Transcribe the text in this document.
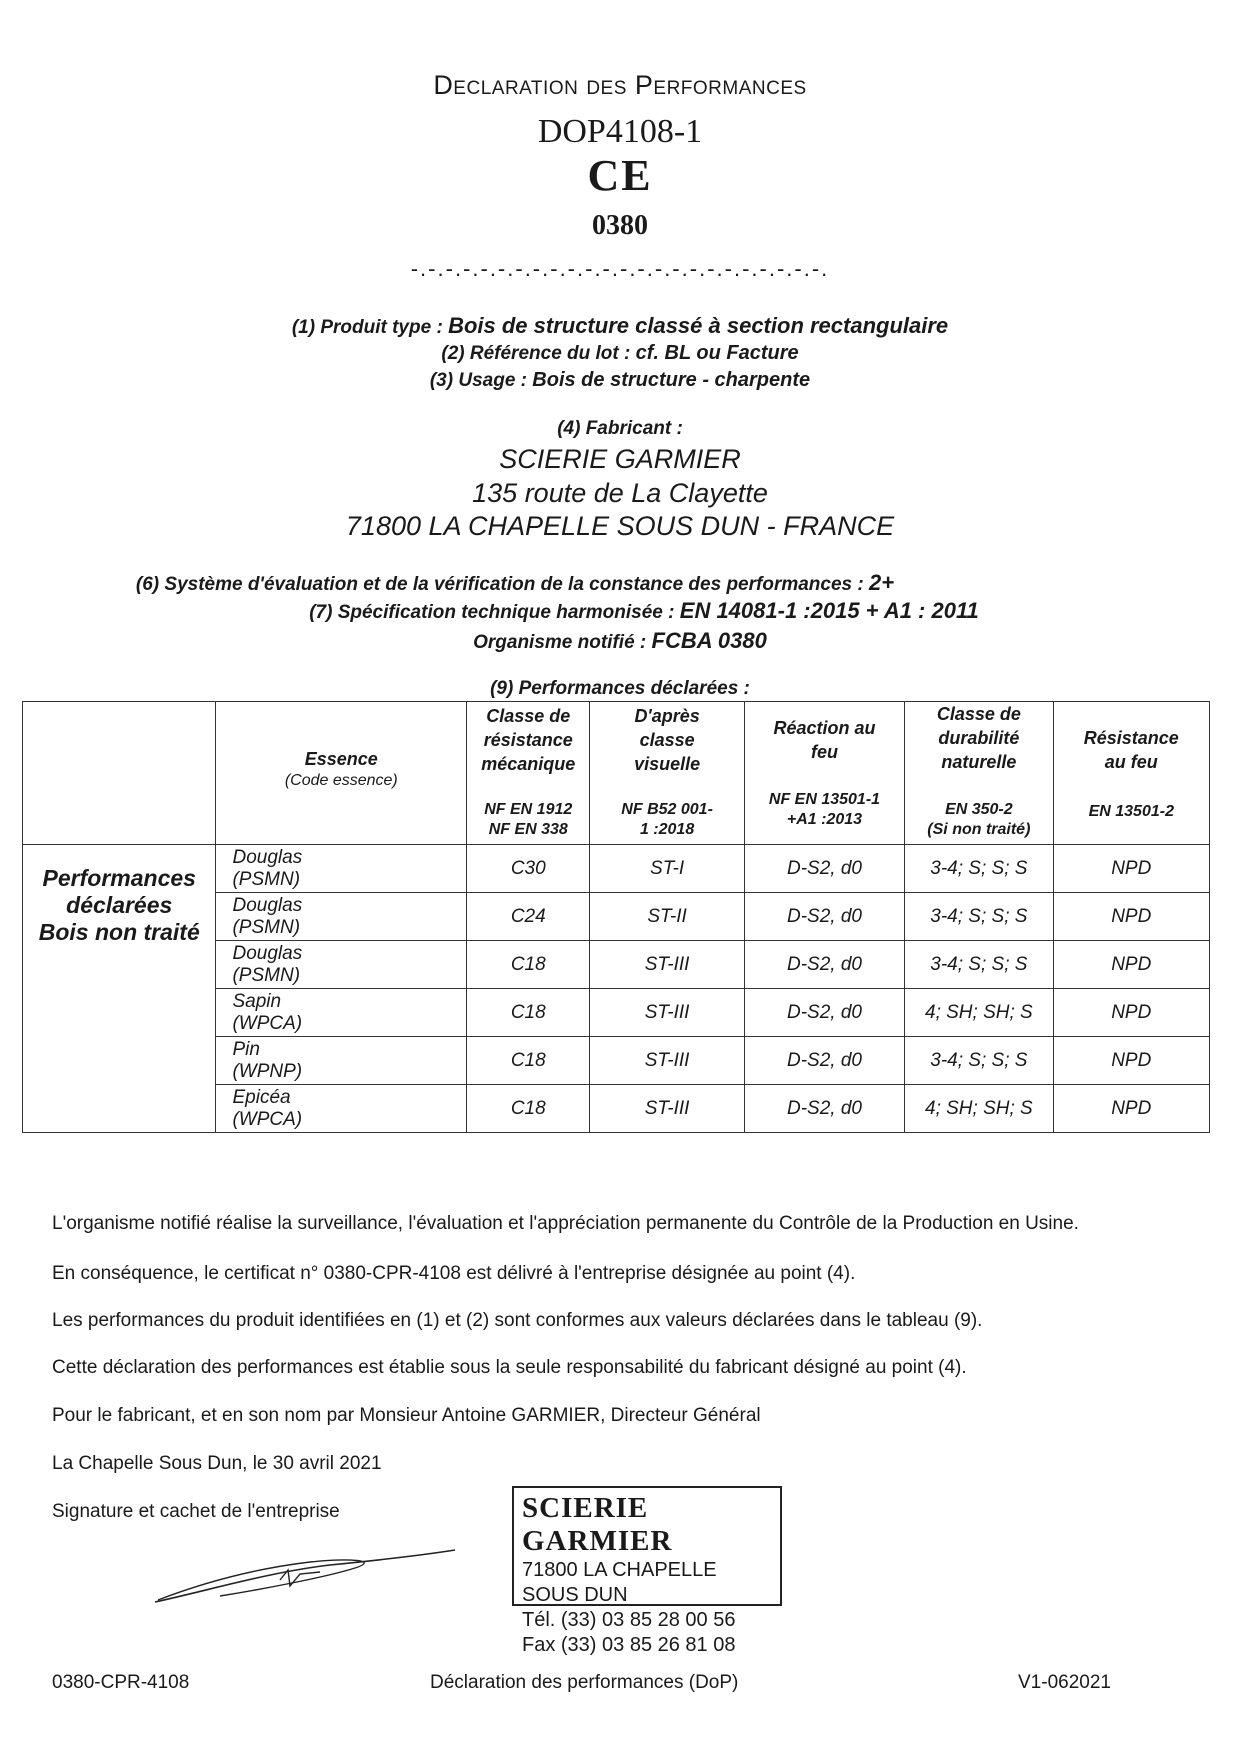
Declaration des Performances
DOP4108-1
CE
0380
-.-.-.-.-.-.-.-.-.-.-.-.-.-.-.-.-.-.-.-.-.-.-.-.
(1) Produit type : Bois de structure classé à section rectangulaire
(2) Référence du lot : cf. BL ou Facture
(3) Usage : Bois de structure - charpente
(4) Fabricant :
SCIERIE GARMIER
135 route de La Clayette
71800 LA CHAPELLE SOUS DUN - FRANCE
(6) Système d'évaluation et de la vérification de la constance des performances : 2+
(7) Spécification technique harmonisée : EN 14081-1 :2015 + A1 : 2011
Organisme notifié : FCBA 0380
(9) Performances déclarées :

	Essence
(Code essence)	Classe de
résistance
mécanique
NF EN 1912
NF EN 338	D'après
classe
visuelle
NF B52 001-
1 :2018	Réaction au
feu
NF EN 13501-1
+A1 :2013	Classe de
durabilité
naturelle
EN 350-2
(Si non traité)	Résistance
au feu
EN 13501-2

Performances
déclarées
Bois non traité	Douglas
(PSMN)	C30	ST-I	D-S2, d0	3-4; S; S; S	NPD
	Douglas
(PSMN)	C24	ST-II	D-S2, d0	3-4; S; S; S	NPD
	Douglas
(PSMN)	C18	ST-III	D-S2, d0	3-4; S; S; S	NPD
	Sapin
(WPCA)	C18	ST-III	D-S2, d0	4; SH; SH; S	NPD
	Pin
(WPNP)	C18	ST-III	D-S2, d0	3-4; S; S; S	NPD
	Epicéa
(WPCA)	C18	ST-III	D-S2, d0	4; SH; SH; S	NPD
L'organisme notifié réalise la surveillance, l'évaluation et l'appréciation permanente du Contrôle de la Production en Usine.
En conséquence, le certificat n° 0380-CPR-4108 est délivré à l'entreprise désignée au point (4).
Les performances du produit identifiées en (1) et (2) sont conformes aux valeurs déclarées dans le tableau (9).
Cette déclaration des performances est établie sous la seule responsabilité du fabricant désigné au point (4).
Pour le fabricant, et en son nom par Monsieur Antoine GARMIER, Directeur Général
La Chapelle Sous Dun, le 30 avril 2021
Signature et cachet de l'entreprise	SCIERIE GARMIER
71800 LA CHAPELLE SOUS DUN
Tél. (33) 03 85 28 00 56
Fax (33) 03 85 26 81 08
0380-CPR-4108	Déclaration des performances (DoP)	V1-062021
